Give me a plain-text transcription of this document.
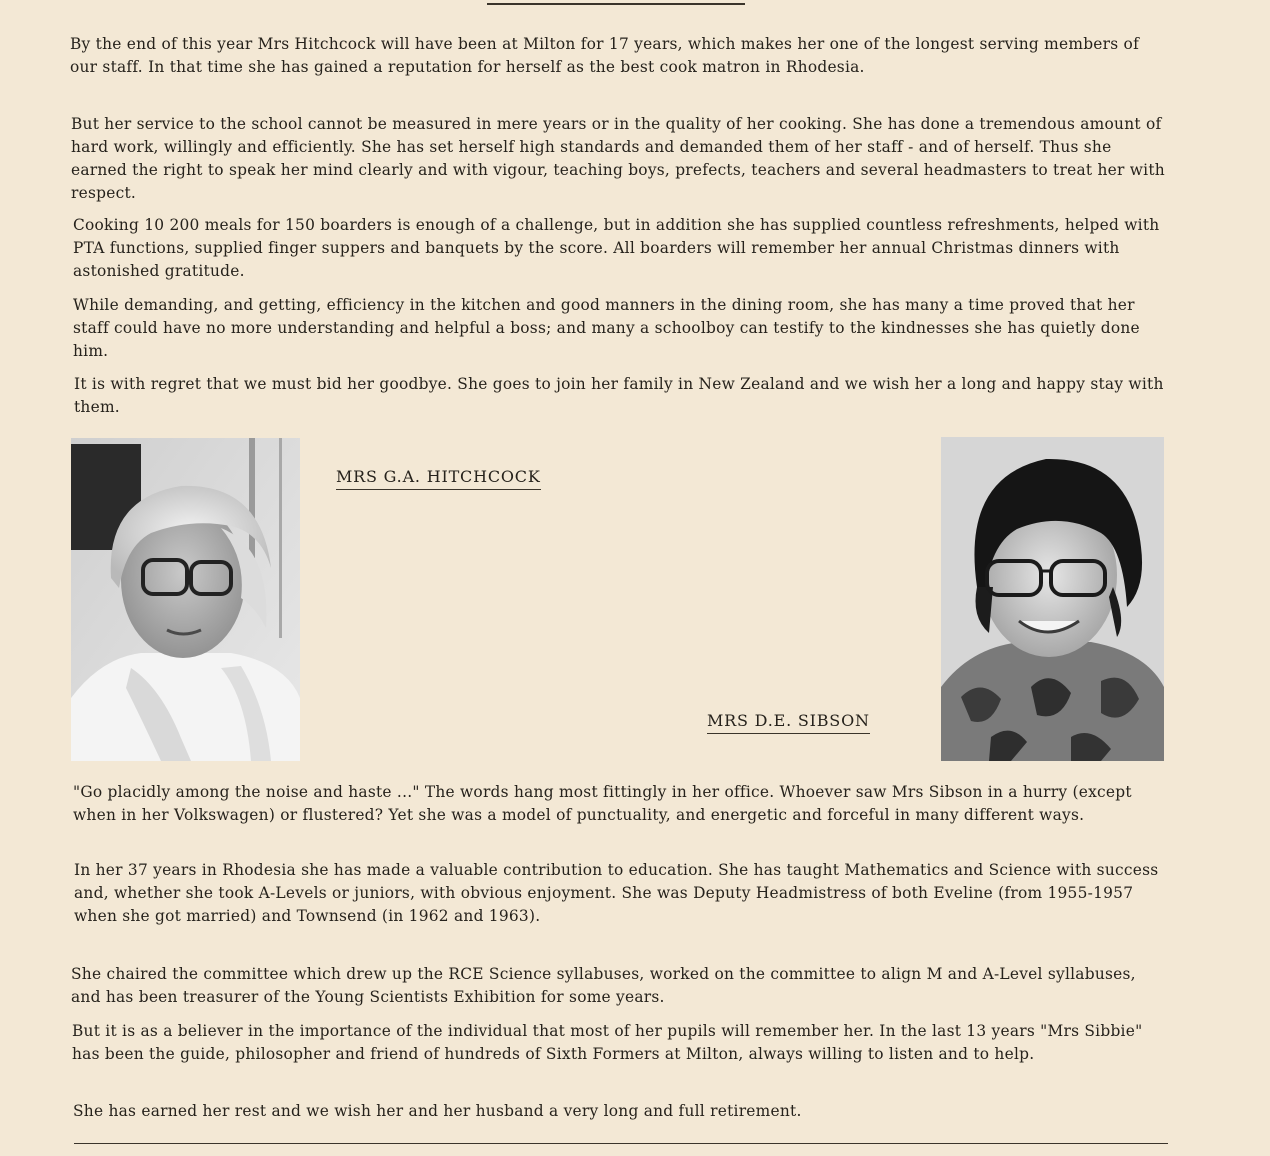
By the end of this year Mrs Hitchcock will have been at Milton for 17 years, which makes her one of the longest serving members of our staff. In that time she has gained a reputation for herself as the best cook matron in Rhodesia.

But her service to the school cannot be measured in mere years or in the quality of her cooking. She has done a tremendous amount of hard work, willingly and efficiently. She has set herself high standards and demanded them of her staff - and of herself. Thus she earned the right to speak her mind clearly and with vigour, teaching boys, prefects, teachers and several headmasters to treat her with respect.

Cooking 10 200 meals for 150 boarders is enough of a challenge, but in addition she has supplied countless refreshments, helped with PTA functions, supplied finger suppers and banquets by the score. All boarders will remember her annual Christmas dinners with astonished gratitude.

While demanding, and getting, efficiency in the kitchen and good manners in the dining room, she has many a time proved that her staff could have no more understanding and helpful a boss; and many a schoolboy can testify to the kindnesses she has quietly done him.

It is with regret that we must bid her goodbye. She goes to join her family in New Zealand and we wish her a long and happy stay with them.

MRS G.A. HITCHCOCK
MRS D.E. SIBSON

"Go placidly among the noise and haste ..." The words hang most fittingly in her office. Whoever saw Mrs Sibson in a hurry (except when in her Volkswagen) or flustered? Yet she was a model of punctuality, and energetic and forceful in many different ways.

In her 37 years in Rhodesia she has made a valuable contribution to education. She has taught Mathematics and Science with success and, whether she took A-Levels or juniors, with obvious enjoyment. She was Deputy Headmistress of both Eveline (from 1955-1957 when she got married) and Townsend (in 1962 and 1963).

She chaired the committee which drew up the RCE Science syllabuses, worked on the committee to align M and A-Level syllabuses, and has been treasurer of the Young Scientists Exhibition for some years.

But it is as a believer in the importance of the individual that most of her pupils will remember her. In the last 13 years "Mrs Sibbie" has been the guide, philosopher and friend of hundreds of Sixth Formers at Milton, always willing to listen and to help.

She has earned her rest and we wish her and her husband a very long and full retirement.
